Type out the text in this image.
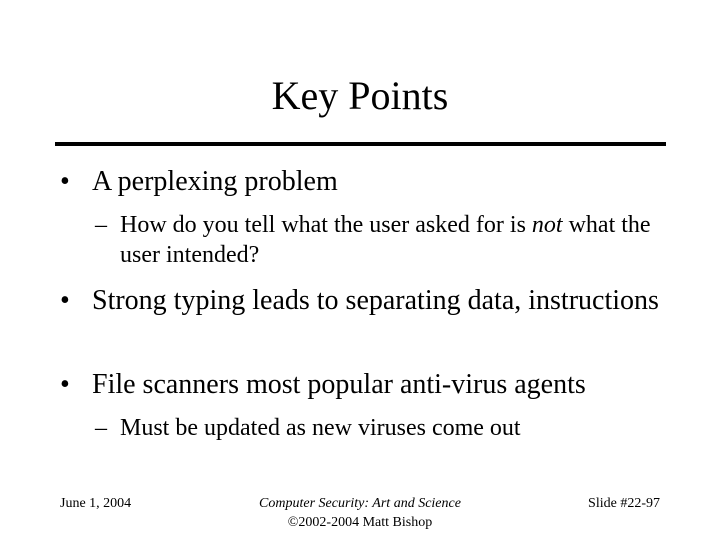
Key Points
• A perplexing problem
– How do you tell what the user asked for is not what the user intended?
• Strong typing leads to separating data, instructions
• File scanners most popular anti-virus agents
– Must be updated as new viruses come out
June 1, 2004	Computer Security: Art and Science
©2002-2004 Matt Bishop
Slide #22-97
